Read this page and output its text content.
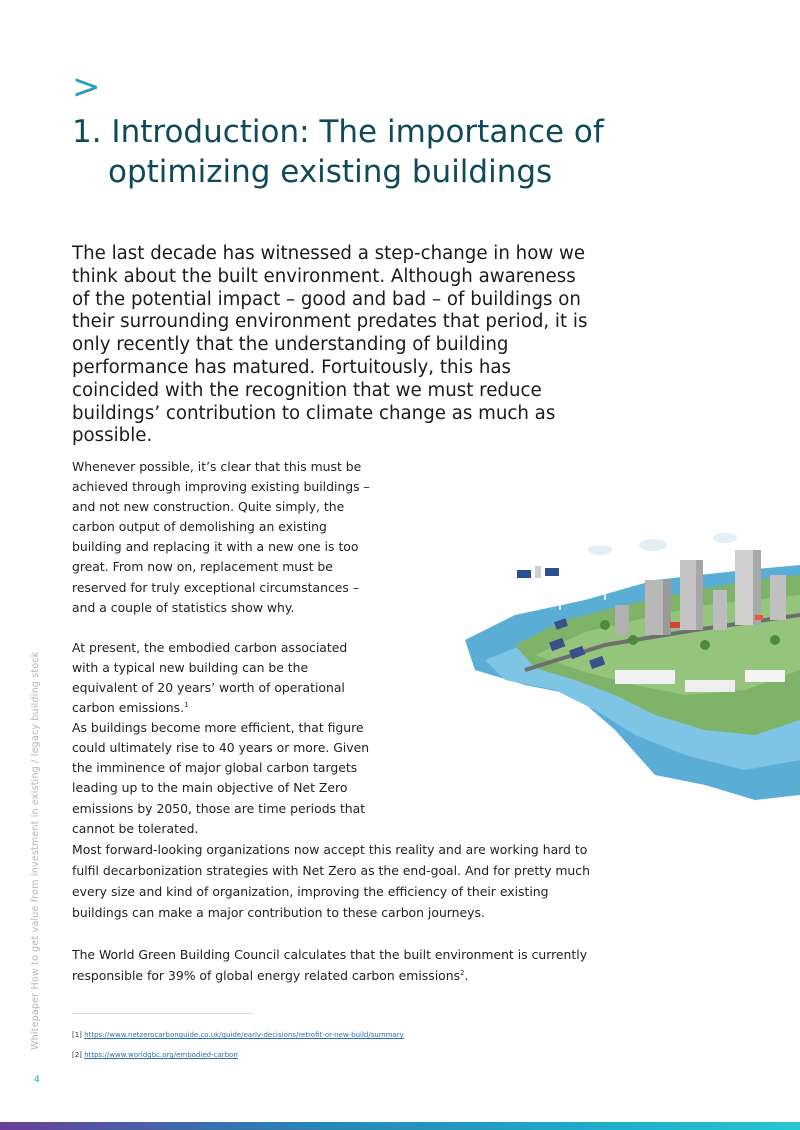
>
1. Introduction: The importance of
optimizing existing buildings

The last decade has witnessed a step-change in how we think about the built environment. Although awareness of the potential impact – good and bad – of buildings on their surrounding environment predates that period, it is only recently that the understanding of building performance has matured. Fortuitously, this has coincided with the recognition that we must reduce buildings’ contribution to climate change as much as possible.

Whenever possible, it’s clear that this must be achieved through improving existing buildings – and not new construction. Quite simply, the carbon output of demolishing an existing building and replacing it with a new one is too great. From now on, replacement must be reserved for truly exceptional circumstances – and a couple of statistics show why.

At present, the embodied carbon associated with a typical new building can be the equivalent of 20 years’ worth of operational carbon emissions.$^1$
As buildings become more efficient, that figure could ultimately rise to 40 years or more. Given the imminence of major global carbon targets leading up to the main objective of Net Zero emissions by 2050, those are time periods that cannot be tolerated.

Most forward-looking organizations now accept this reality and are working hard to fulfil decarbonization strategies with Net Zero as the end-goal. And for pretty much every size and kind of organization, improving the efficiency of their existing buildings can make a major contribution to these carbon journeys.

The World Green Building Council calculates that the built environment is currently responsible for 39% of global energy related carbon emissions$^2$.

[1] https://www.netzerocarbonguide.co.uk/guide/early-decisions/retrofit-or-new-build/summary
[2] https://www.worldgbc.org/embodied-carbon
Whitepaper How to get value from investment in existing / legacy building stock
4
